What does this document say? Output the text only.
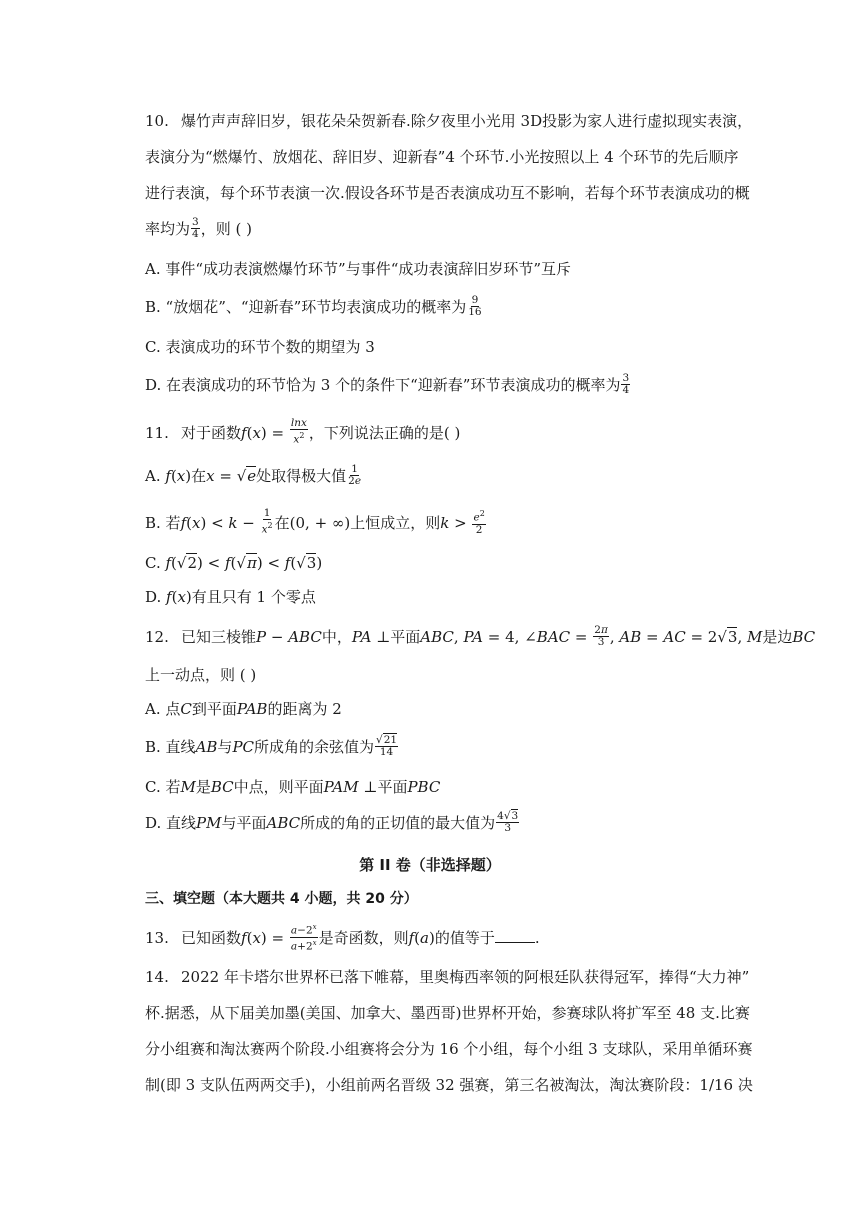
10. 爆竹声声辞旧岁，银花朵朵贺新春.除夕夜里小光用 3D投影为家人进行虚拟现实表演，
表演分为“燃爆竹、放烟花、辞旧岁、迎新春”4 个环节.小光按照以上 4 个环节的先后顺序
进行表演，每个环节表演一次.假设各环节是否表演成功互不影响，若每个环节表演成功的概
率均为 $\frac{3}{4}$ ，则 ( )
A. 事件“成功表演燃爆竹环节”与事件“成功表演辞旧岁环节”互斥
B. “放烟花”、“迎新春”环节均表演成功的概率为 $\frac{9}{16}$
C. 表演成功的环节个数的期望为 3
D. 在表演成功的环节恰为 3 个的条件下“迎新春”环节表演成功的概率为 $\frac{3}{4}$
11. 对于函数$f(x) = \frac{\ln x}{x^2}$ ，下列说法正确的是( )
A. f(x)在x = √e处取得极大值 $\frac{1}{2e}$
B. 若$f(x) < k - \frac{1}{x^2}$ 在(0, + ∞)上恒成立，则$k > \frac{e^2}{2}$
C. f(√2) < f(√π) < f(√3)
D. f(x)有且只有 1 个零点
12. 已知三棱锥P − ABC中，PA ⊥平面ABC, PA = 4, ∠BAC = $\frac{2\pi}{3}$ , AB = AC = 2√3, M是边BC
上一动点，则 ( )
A. 点C到平面PAB的距离为 2
B. 直线AB与PC所成角的余弦值为 $\frac{√21}{14}$
C. 若M是BC中点，则平面PAM ⊥平面PBC
D. 直线PM与平面ABC所成的角的正切值的最大值为 $\frac{4√3}{3}$
第 II 卷（非选择题）
三、填空题（本大题共 4 小题，共 20 分）
13. 已知函数$f(x) = \frac{a-2^x}{a+2^x}$ 是奇函数，则f(a)的值等于	.
14. 2022 年卡塔尔世界杯已落下帷幕，里奥梅西率领的阿根廷队获得冠军，捧得“大力神”
杯.据悉，从下届美加墨(美国、加拿大、墨西哥)世界杯开始，参赛球队将扩军至 48 支.比赛
分小组赛和淘汰赛两个阶段.小组赛将会分为 16 个小组，每个小组 3 支球队，采用单循环赛
制(即 3 支队伍两两交手)，小组前两名晋级 32 强赛，第三名被淘汰，淘汰赛阶段：1/16 决
